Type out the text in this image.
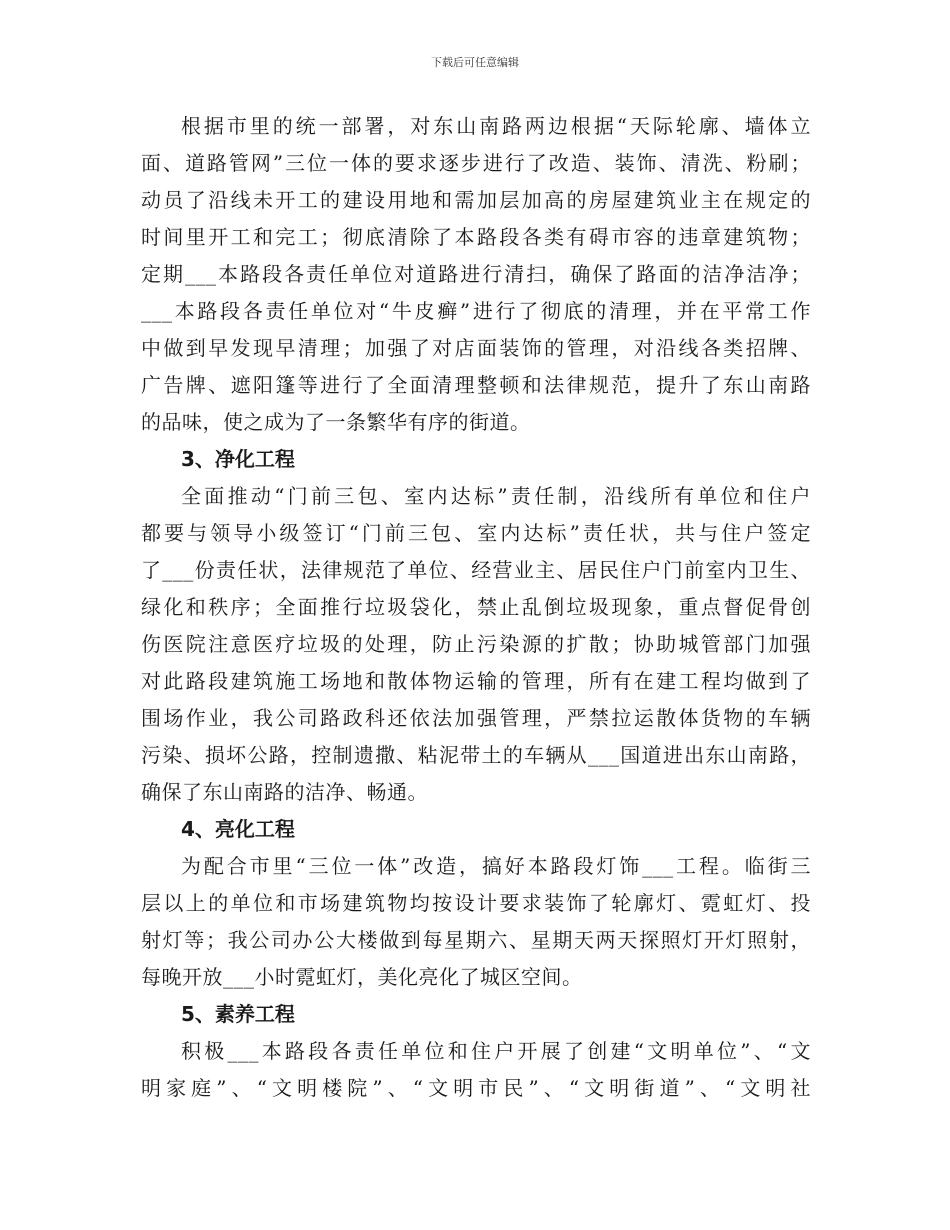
下载后可任意编辑
根据市里的统一部署，对东山南路两边根据“天际轮廓、墙体立
面、道路管网”三位一体的要求逐步进行了改造、装饰、清洗、粉刷；
动员了沿线未开工的建设用地和需加层加高的房屋建筑业主在规定的
时间里开工和完工；彻底清除了本路段各类有碍市容的违章建筑物；
定期___本路段各责任单位对道路进行清扫，确保了路面的洁净洁净；
___本路段各责任单位对“牛皮癣”进行了彻底的清理，并在平常工作
中做到早发现早清理；加强了对店面装饰的管理，对沿线各类招牌、
广告牌、遮阳篷等进行了全面清理整顿和法律规范，提升了东山南路
的品味，使之成为了一条繁华有序的街道。

3、净化工程

全面推动“门前三包、室内达标”责任制，沿线所有单位和住户
都要与领导小级签订“门前三包、室内达标”责任状，共与住户签定
了___份责任状，法律规范了单位、经营业主、居民住户门前室内卫生、
绿化和秩序；全面推行垃圾袋化，禁止乱倒垃圾现象，重点督促骨创
伤医院注意医疗垃圾的处理，防止污染源的扩散；协助城管部门加强
对此路段建筑施工场地和散体物运输的管理，所有在建工程均做到了
围场作业，我公司路政科还依法加强管理，严禁拉运散体货物的车辆
污染、损坏公路，控制遗撒、粘泥带土的车辆从___国道进出东山南路，
确保了东山南路的洁净、畅通。

4、亮化工程

为配合市里“三位一体”改造，搞好本路段灯饰___工程。临街三
层以上的单位和市场建筑物均按设计要求装饰了轮廓灯、霓虹灯、投
射灯等；我公司办公大楼做到每星期六、星期天两天探照灯开灯照射，
每晚开放___小时霓虹灯，美化亮化了城区空间。

5、素养工程

积极___本路段各责任单位和住户开展了创建“文明单位”、“文
明家庭”、“文明楼院”、“文明市民”、“文明街道”、“文明社
